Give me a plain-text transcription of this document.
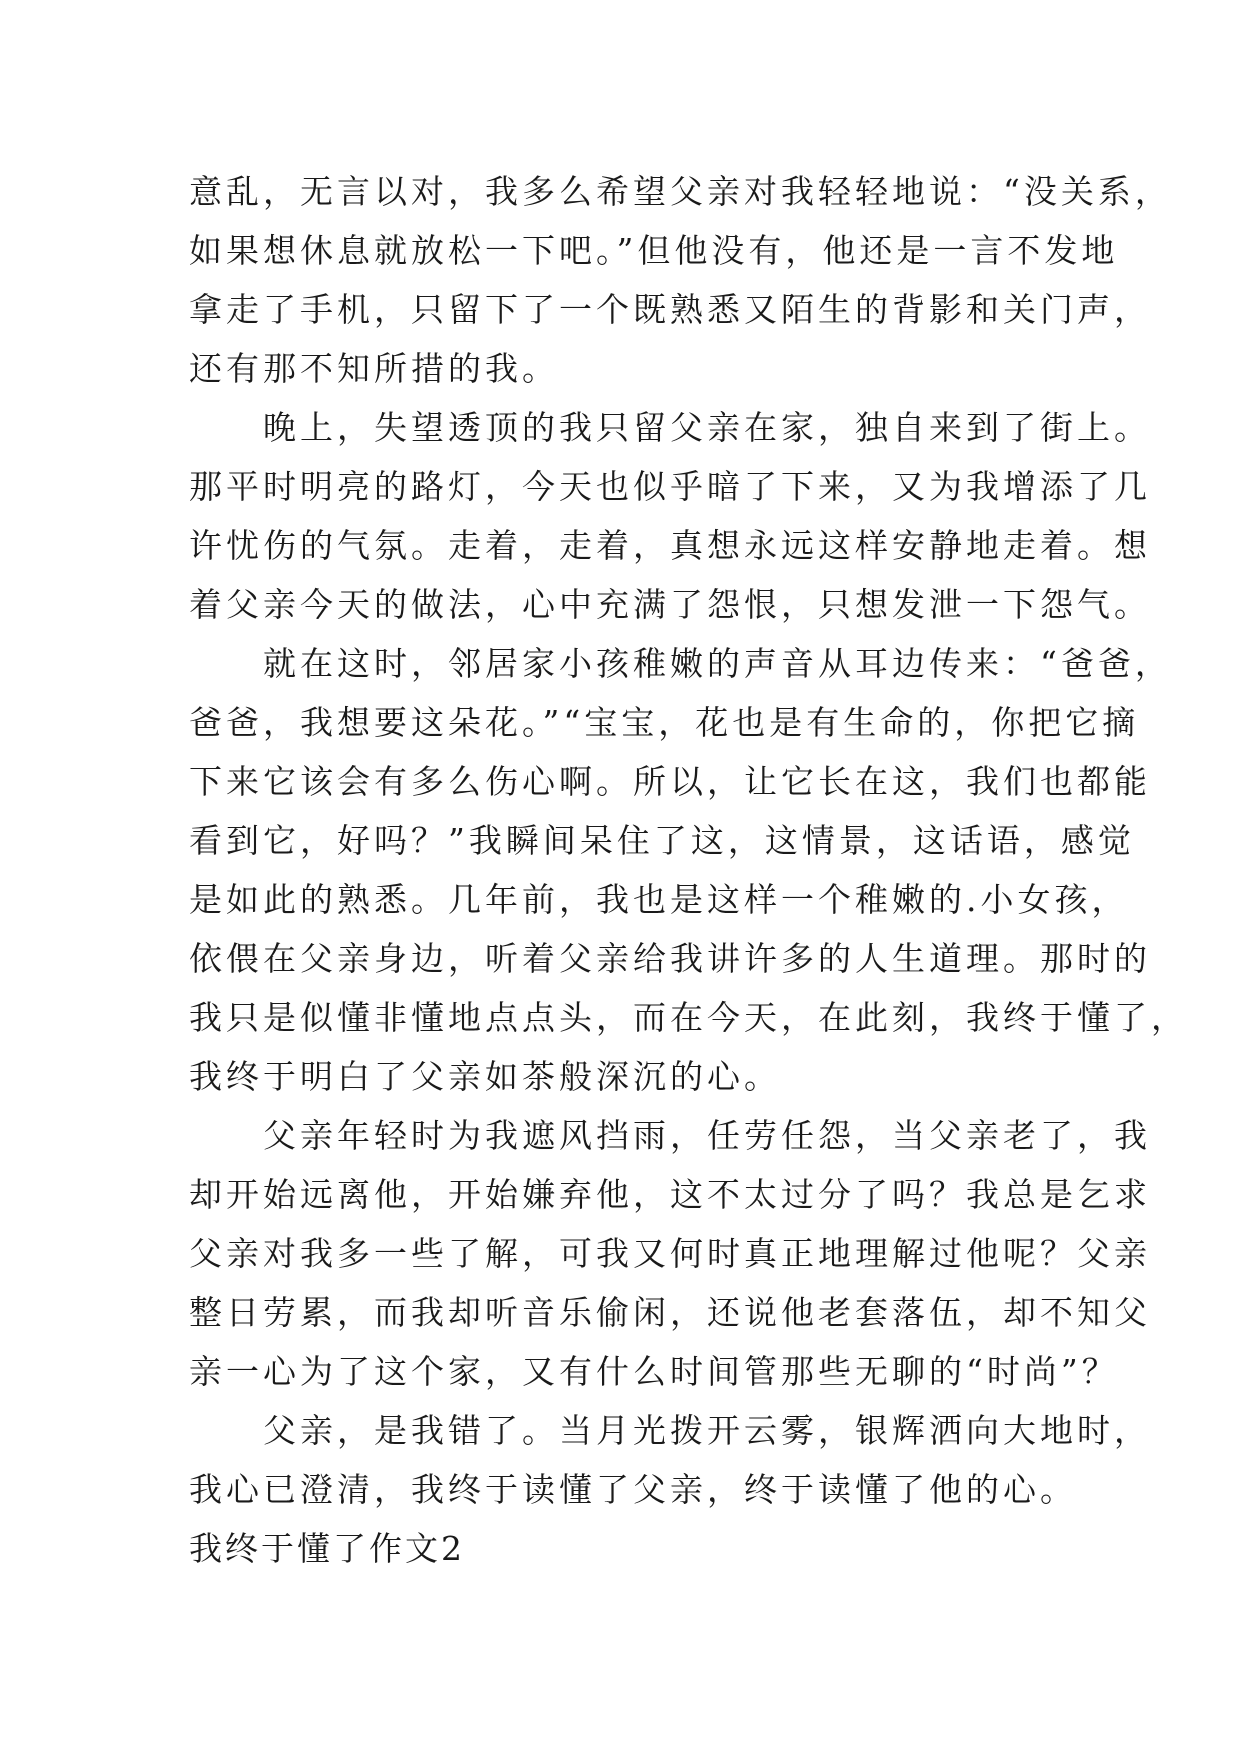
意乱，无言以对，我多么希望父亲对我轻轻地说：“没关系，
如果想休息就放松一下吧。”但他没有，他还是一言不发地
拿走了手机，只留下了一个既熟悉又陌生的背影和关门声，
还有那不知所措的我。
　　晚上，失望透顶的我只留父亲在家，独自来到了街上。
那平时明亮的路灯，今天也似乎暗了下来，又为我增添了几
许忧伤的气氛。走着，走着，真想永远这样安静地走着。想
着父亲今天的做法，心中充满了怨恨，只想发泄一下怨气。
　　就在这时，邻居家小孩稚嫩的声音从耳边传来：“爸爸，
爸爸，我想要这朵花。”“宝宝，花也是有生命的，你把它摘
下来它该会有多么伤心啊。所以，让它长在这，我们也都能
看到它，好吗？”我瞬间呆住了这，这情景，这话语，感觉
是如此的熟悉。几年前，我也是这样一个稚嫩的.小女孩，
依偎在父亲身边，听着父亲给我讲许多的人生道理。那时的
我只是似懂非懂地点点头，而在今天，在此刻，我终于懂了，
我终于明白了父亲如茶般深沉的心。
　　父亲年轻时为我遮风挡雨，任劳任怨，当父亲老了，我
却开始远离他，开始嫌弃他，这不太过分了吗？我总是乞求
父亲对我多一些了解，可我又何时真正地理解过他呢？父亲
整日劳累，而我却听音乐偷闲，还说他老套落伍，却不知父
亲一心为了这个家，又有什么时间管那些无聊的“时尚”？
　　父亲，是我错了。当月光拨开云雾，银辉洒向大地时，
我心已澄清，我终于读懂了父亲，终于读懂了他的心。
我终于懂了作文2
